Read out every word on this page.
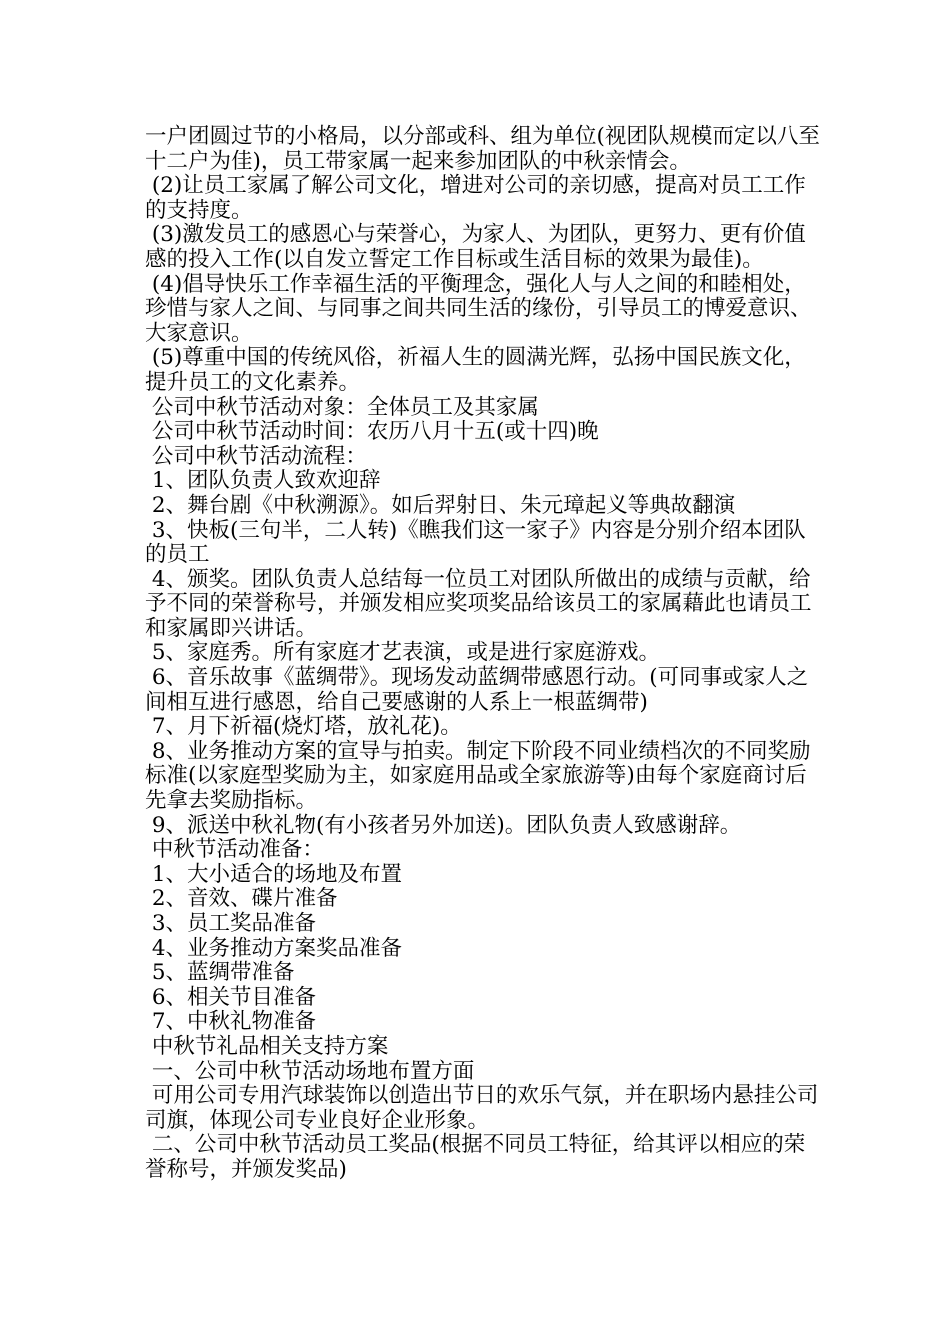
一户团圆过节的小格局，以分部或科、组为单位(视团队规模而定以八至十二户为佳)，员工带家属一起来参加团队的中秋亲情会。

(2)让员工家属了解公司文化，增进对公司的亲切感，提高对员工工作的支持度。

(3)激发员工的感恩心与荣誉心，为家人、为团队，更努力、更有价值感的投入工作(以自发立誓定工作目标或生活目标的效果为最佳)。

(4)倡导快乐工作幸福生活的平衡理念，强化人与人之间的和睦相处，珍惜与家人之间、与同事之间共同生活的缘份，引导员工的博爱意识、大家意识。

(5)尊重中国的传统风俗，祈福人生的圆满光辉，弘扬中国民族文化，提升员工的文化素养。

公司中秋节活动对象：全体员工及其家属

公司中秋节活动时间：农历八月十五(或十四)晚

公司中秋节活动流程：

1、团队负责人致欢迎辞

2、舞台剧《中秋溯源》。如后羿射日、朱元璋起义等典故翻演

3、快板(三句半，二人转)《瞧我们这一家子》内容是分别介绍本团队的员工

4、颁奖。团队负责人总结每一位员工对团队所做出的成绩与贡献，给予不同的荣誉称号，并颁发相应奖项奖品给该员工的家属藉此也请员工和家属即兴讲话。

5、家庭秀。所有家庭才艺表演，或是进行家庭游戏。

6、音乐故事《蓝绸带》。现场发动蓝绸带感恩行动。(可同事或家人之间相互进行感恩，给自己要感谢的人系上一根蓝绸带)

7、月下祈福(烧灯塔，放礼花)。

8、业务推动方案的宣导与拍卖。制定下阶段不同业绩档次的不同奖励标准(以家庭型奖励为主，如家庭用品或全家旅游等)由每个家庭商讨后先拿去奖励指标。

9、派送中秋礼物(有小孩者另外加送)。团队负责人致感谢辞。

中秋节活动准备：

1、大小适合的场地及布置

2、音效、碟片准备

3、员工奖品准备

4、业务推动方案奖品准备

5、蓝绸带准备

6、相关节目准备

7、中秋礼物准备

中秋节礼品相关支持方案

一、公司中秋节活动场地布置方面

可用公司专用汽球装饰以创造出节日的欢乐气氛，并在职场内悬挂公司司旗，体现公司专业良好企业形象。

二、公司中秋节活动员工奖品(根据不同员工特征，给其评以相应的荣誉称号，并颁发奖品)
